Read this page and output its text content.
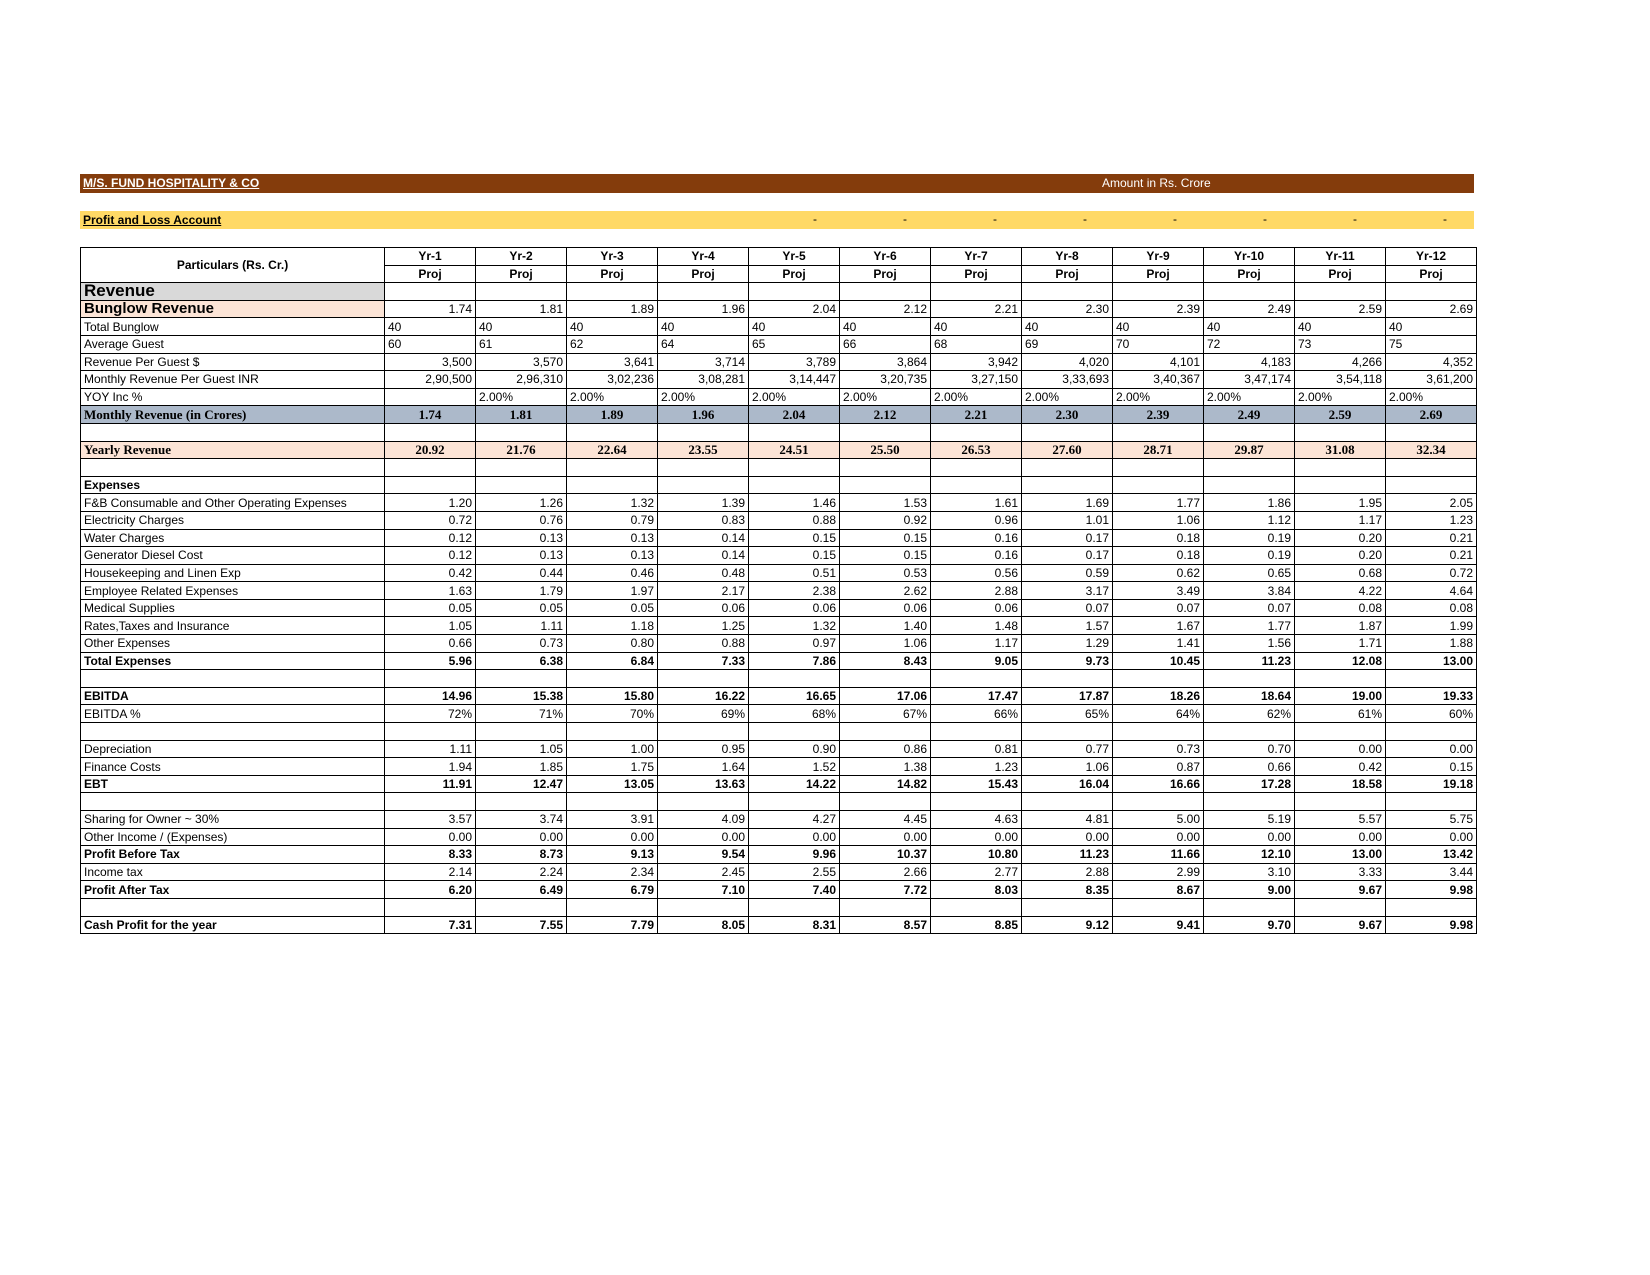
M/S. FUND HOSPITALITY & CO	Amount in Rs. Crore
Profit and Loss Account	-	-	-	-	-	-	-	-
Particulars (Rs. Cr.)	Yr-1	Yr-2	Yr-3	Yr-4	Yr-5	Yr-6	Yr-7	Yr-8	Yr-9	Yr-10	Yr-11	Yr-12
	Proj	Proj	Proj	Proj	Proj	Proj	Proj	Proj	Proj	Proj	Proj	Proj
Revenue												
Bunglow Revenue	1.74	1.81	1.89	1.96	2.04	2.12	2.21	2.30	2.39	2.49	2.59	2.69
Total Bunglow	40	40	40	40	40	40	40	40	40	40	40	40
Average Guest	60	61	62	64	65	66	68	69	70	72	73	75
Revenue Per Guest $	3,500	3,570	3,641	3,714	3,789	3,864	3,942	4,020	4,101	4,183	4,266	4,352
Monthly Revenue Per Guest INR	2,90,500	2,96,310	3,02,236	3,08,281	3,14,447	3,20,735	3,27,150	3,33,693	3,40,367	3,47,174	3,54,118	3,61,200
YOY Inc %		2.00%	2.00%	2.00%	2.00%	2.00%	2.00%	2.00%	2.00%	2.00%	2.00%	2.00%
Monthly Revenue (in Crores)	1.74	1.81	1.89	1.96	2.04	2.12	2.21	2.30	2.39	2.49	2.59	2.69

Yearly Revenue	20.92	21.76	22.64	23.55	24.51	25.50	26.53	27.60	28.71	29.87	31.08	32.34

Expenses												
F&B Consumable and Other Operating Expenses	1.20	1.26	1.32	1.39	1.46	1.53	1.61	1.69	1.77	1.86	1.95	2.05
Electricity Charges	0.72	0.76	0.79	0.83	0.88	0.92	0.96	1.01	1.06	1.12	1.17	1.23
Water Charges	0.12	0.13	0.13	0.14	0.15	0.15	0.16	0.17	0.18	0.19	0.20	0.21
Generator Diesel Cost	0.12	0.13	0.13	0.14	0.15	0.15	0.16	0.17	0.18	0.19	0.20	0.21
Housekeeping and Linen Exp	0.42	0.44	0.46	0.48	0.51	0.53	0.56	0.59	0.62	0.65	0.68	0.72
Employee Related Expenses	1.63	1.79	1.97	2.17	2.38	2.62	2.88	3.17	3.49	3.84	4.22	4.64
Medical Supplies	0.05	0.05	0.05	0.06	0.06	0.06	0.06	0.07	0.07	0.07	0.08	0.08
Rates,Taxes and Insurance	1.05	1.11	1.18	1.25	1.32	1.40	1.48	1.57	1.67	1.77	1.87	1.99
Other Expenses	0.66	0.73	0.80	0.88	0.97	1.06	1.17	1.29	1.41	1.56	1.71	1.88
Total Expenses	5.96	6.38	6.84	7.33	7.86	8.43	9.05	9.73	10.45	11.23	12.08	13.00

EBITDA	14.96	15.38	15.80	16.22	16.65	17.06	17.47	17.87	18.26	18.64	19.00	19.33
EBITDA %	72%	71%	70%	69%	68%	67%	66%	65%	64%	62%	61%	60%

Depreciation	1.11	1.05	1.00	0.95	0.90	0.86	0.81	0.77	0.73	0.70	0.00	0.00
Finance Costs	1.94	1.85	1.75	1.64	1.52	1.38	1.23	1.06	0.87	0.66	0.42	0.15
EBT	11.91	12.47	13.05	13.63	14.22	14.82	15.43	16.04	16.66	17.28	18.58	19.18

Sharing for Owner ~ 30%	3.57	3.74	3.91	4.09	4.27	4.45	4.63	4.81	5.00	5.19	5.57	5.75
Other Income / (Expenses)	0.00	0.00	0.00	0.00	0.00	0.00	0.00	0.00	0.00	0.00	0.00	0.00
Profit Before Tax	8.33	8.73	9.13	9.54	9.96	10.37	10.80	11.23	11.66	12.10	13.00	13.42
Income tax	2.14	2.24	2.34	2.45	2.55	2.66	2.77	2.88	2.99	3.10	3.33	3.44
Profit After Tax	6.20	6.49	6.79	7.10	7.40	7.72	8.03	8.35	8.67	9.00	9.67	9.98

Cash Profit for the year	7.31	7.55	7.79	8.05	8.31	8.57	8.85	9.12	9.41	9.70	9.67	9.98
